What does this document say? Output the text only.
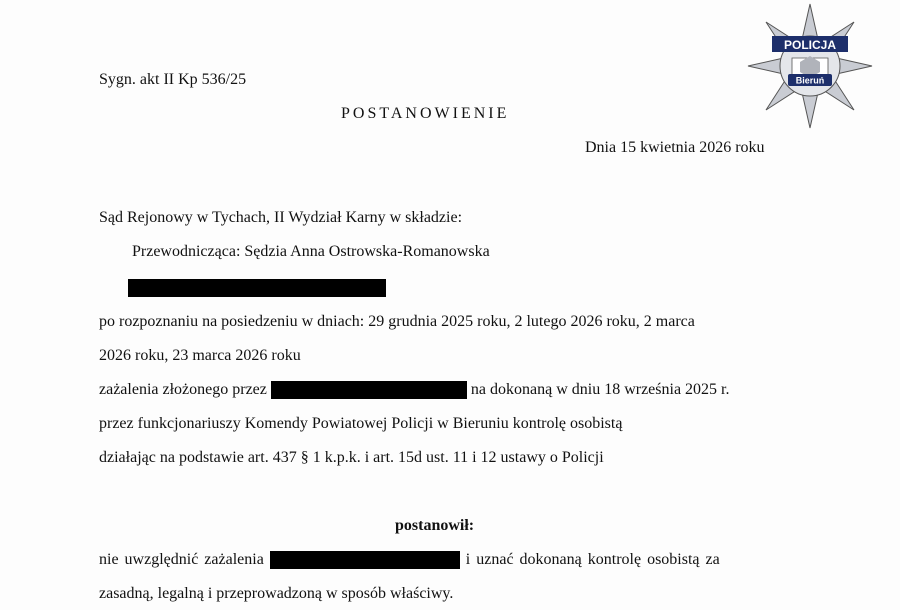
POLICJA
Bieruń
Sygn. akt II Kp 536/25
POSTANOWIENIE
Dnia 15 kwietnia 2026 roku
Sąd Rejonowy w Tychach, II Wydział Karny w składzie:
Przewodnicząca: Sędzia Anna Ostrowska-Romanowska
po rozpoznaniu na posiedzeniu w dniach: 29 grudnia 2025 roku, 2 lutego 2026 roku, 2 marca
2026 roku, 23 marca 2026 roku
zażalenia złożonego przez	na dokonaną w dniu 18 września 2025 r.
przez funkcjonariuszy Komendy Powiatowej Policji w Bieruniu kontrolę osobistą
działając na podstawie art. 437 § 1 k.p.k. i art. 15d ust. 11 i 12 ustawy o Policji
postanowił:
nie uwzględnić zażalenia	i uznać dokonaną kontrolę osobistą za
zasadną, legalną i przeprowadzoną w sposób właściwy.
